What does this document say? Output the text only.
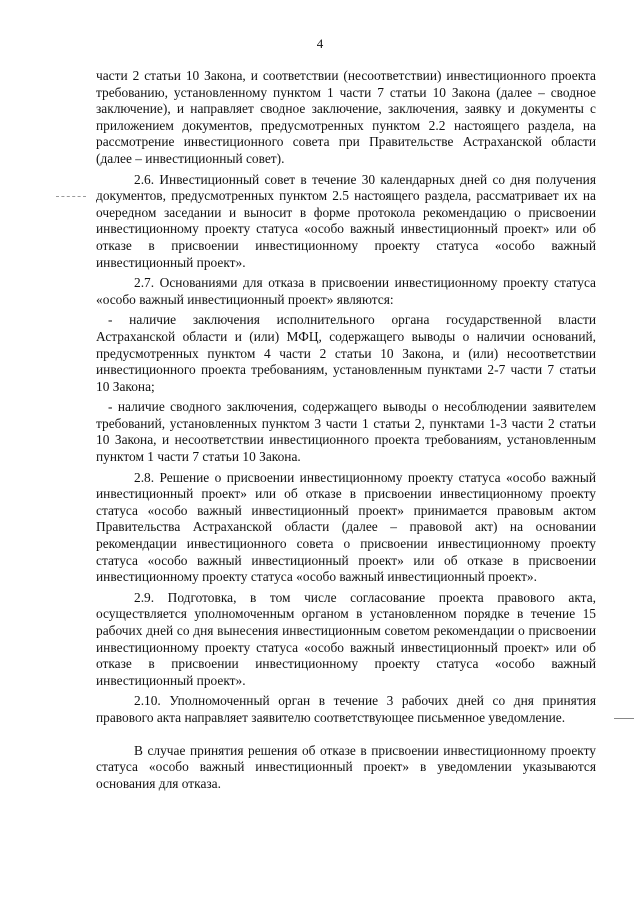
4

части 2 статьи 10 Закона, и соответствии (несоответствии) инвестиционного проекта требованию, установленному пунктом 1 части 7 статьи 10 Закона (далее – сводное заключение), и направляет сводное заключение, заключения, заявку и документы с приложением документов, предусмотренных пунктом 2.2 настоящего раздела, на рассмотрение инвестиционного совета при Правительстве Астраханской области (далее – инвестиционный совет).

2.6. Инвестиционный совет в течение 30 календарных дней со дня получения документов, предусмотренных пунктом 2.5 настоящего раздела, рассматривает их на очередном заседании и выносит в форме протокола рекомендацию о присвоении инвестиционному проекту статуса «особо важный инвестиционный проект» или об отказе в присвоении инвестиционному проекту статуса «особо важный инвестиционный проект».

2.7. Основаниями для отказа в присвоении инвестиционному проекту статуса «особо важный инвестиционный проект» являются:

- наличие заключения исполнительного органа государственной власти Астраханской области и (или) МФЦ, содержащего выводы о наличии оснований, предусмотренных пунктом 4 части 2 статьи 10 Закона, и (или) несоответствии инвестиционного проекта требованиям, установленным пунктами 2-7 части 7 статьи 10 Закона;

- наличие сводного заключения, содержащего выводы о несоблюдении заявителем требований, установленных пунктом 3 части 1 статьи 2, пунктами 1-3 части 2 статьи 10 Закона, и несоответствии инвестиционного проекта требованиям, установленным пунктом 1 части 7 статьи 10 Закона.

2.8. Решение о присвоении инвестиционному проекту статуса «особо важный инвестиционный проект» или об отказе в присвоении инвестиционному проекту статуса «особо важный инвестиционный проект» принимается правовым актом Правительства Астраханской области (далее – правовой акт) на основании рекомендации инвестиционного совета о присвоении инвестиционному проекту статуса «особо важный инвестиционный проект» или об отказе в присвоении инвестиционному проекту статуса «особо важный инвестиционный проект».

2.9. Подготовка, в том числе согласование проекта правового акта, осуществляется уполномоченным органом в установленном порядке в течение 15 рабочих дней со дня вынесения инвестиционным советом рекомендации о присвоении инвестиционному проекту статуса «особо важный инвестиционный проект» или об отказе в присвоении инвестиционному проекту статуса «особо важный инвестиционный проект».

2.10. Уполномоченный орган в течение 3 рабочих дней со дня принятия правового акта направляет заявителю соответствующее письменное уведомление.

В случае принятия решения об отказе в присвоении инвестиционному проекту статуса «особо важный инвестиционный проект» в уведомлении указываются основания для отказа.
